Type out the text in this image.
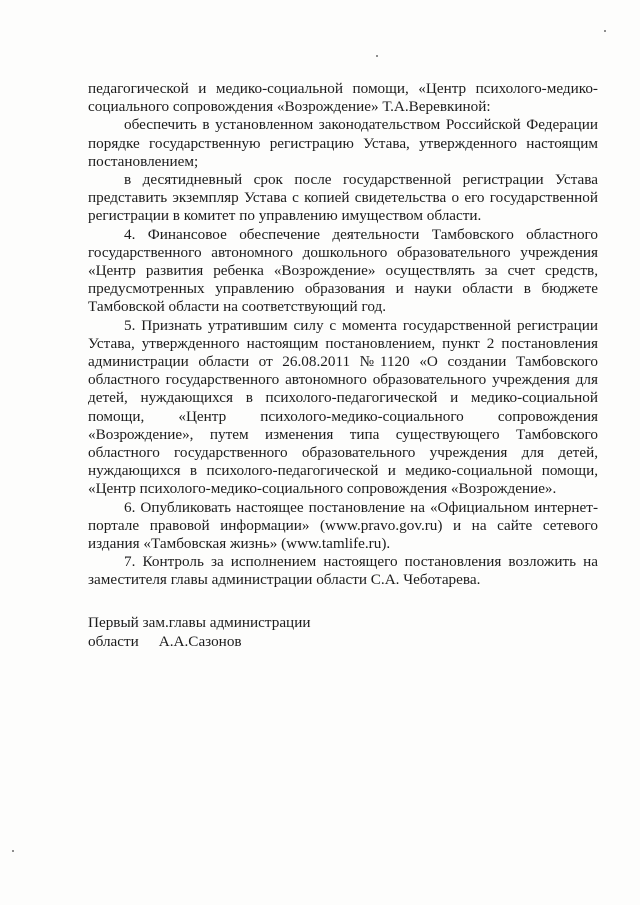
педагогической и медико-социальной помощи, «Центр психолого-медико-социального сопровождения «Возрождение» Т.А.Веревкиной:

обеспечить в установленном законодательством Российской Федерации порядке государственную регистрацию Устава, утвержденного настоящим постановлением;

в десятидневный срок после государственной регистрации Устава представить экземпляр Устава с копией свидетельства о его государственной регистрации в комитет по управлению имуществом области.

4. Финансовое обеспечение деятельности Тамбовского областного государственного автономного дошкольного образовательного учреждения «Центр развития ребенка «Возрождение» осуществлять за счет средств, предусмотренных управлению образования и науки области в бюджете Тамбовской области на соответствующий год.

5. Признать утратившим силу с момента государственной регистрации Устава, утвержденного настоящим постановлением, пункт 2 постановления администрации области от 26.08.2011 №1120 «О создании Тамбовского областного государственного автономного образовательного учреждения для детей, нуждающихся в психолого-педагогической и медико-социальной помощи, «Центр психолого-медико-социального сопровождения «Возрождение», путем изменения типа существующего Тамбовского областного государственного образовательного учреждения для детей, нуждающихся в психолого-педагогической и медико-социальной помощи, «Центр психолого-медико-социального сопровождения «Возрождение».

6. Опубликовать настоящее постановление на «Официальном интернет-портале правовой информации» (www.pravo.gov.ru) и на сайте сетевого издания «Тамбовская жизнь» (www.tamlife.ru).

7. Контроль за исполнением настоящего постановления возложить на заместителя главы администрации области С.А. Чеботарева.

Первый зам.главы администрации
области А.А.Сазонов
